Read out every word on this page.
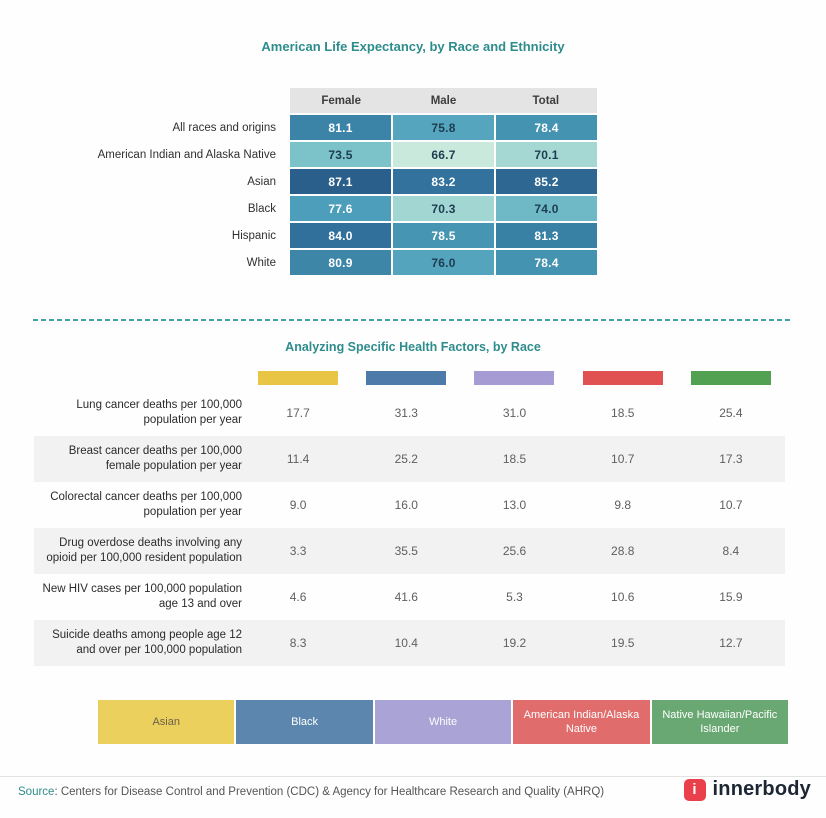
American Life Expectancy, by Race and Ethnicity
Female	Male	Total
All races and origins	81.1	75.8	78.4
American Indian and Alaska Native	73.5	66.7	70.1
Asian	87.1	83.2	85.2
Black	77.6	70.3	74.0
Hispanic	84.0	78.5	81.3
White	80.9	76.0	78.4
Analyzing Specific Health Factors, by Race
Lung cancer deaths per 100,000 population per year	17.7	31.3	31.0	18.5	25.4
Breast cancer deaths per 100,000 female population per year	11.4	25.2	18.5	10.7	17.3
Colorectal cancer deaths per 100,000 population per year	9.0	16.0	13.0	9.8	10.7
Drug overdose deaths involving any opioid per 100,000 resident population	3.3	35.5	25.6	28.8	8.4
New HIV cases per 100,000 population age 13 and over	4.6	41.6	5.3	10.6	15.9
Suicide deaths among people age 12 and over per 100,000 population	8.3	10.4	19.2	19.5	12.7
Asian	Black	White
American Indian/Alaska Native
Native Hawaiian/Pacific Islander
Source: Centers for Disease Control and Prevention (CDC) & Agency for Healthcare Research and Quality (AHRQ)	i innerbody
